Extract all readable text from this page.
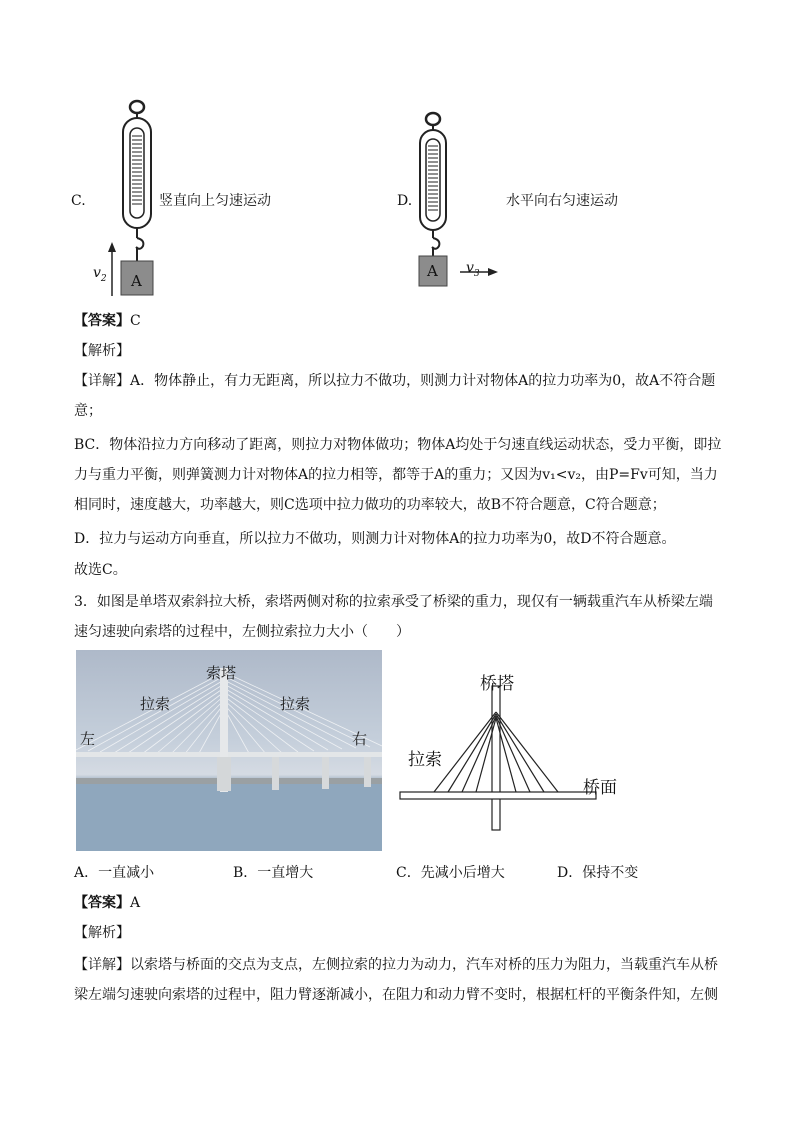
C.
A
$v_2$
竖直向上匀速运动	D.
A $v_3$
水平向右匀速运动
【答案】C
【解析】
【详解】A．物体静止，有力无距离，所以拉力不做功，则测力计对物体A的拉力功率为0，故A不符合题意；
BC．物体沿拉力方向移动了距离，则拉力对物体做功；物体A均处于匀速直线运动状态，受力平衡，即拉力与重力平衡，则弹簧测力计对物体A的拉力相等，都等于A的重力；又因为v₁<v₂，由P=Fv可知，当力相同时，速度越大，功率越大，则C选项中拉力做功的功率较大，故B不符合题意，C符合题意；
D．拉力与运动方向垂直，所以拉力不做功，则测力计对物体A的拉力功率为0，故D不符合题意。
故选C。
3．如图是单塔双索斜拉大桥，索塔两侧对称的拉索承受了桥梁的重力，现仅有一辆载重汽车从桥梁左端速匀速驶向索塔的过程中，左侧拉索拉力大小（　　）
索塔
拉索	拉索
左	右
桥塔
拉索
桥面
A．一直减小	B．一直增大	C．先减小后增大	D．保持不变
【答案】A
【解析】
【详解】以索塔与桥面的交点为支点，左侧拉索的拉力为动力，汽车对桥的压力为阻力，当载重汽车从桥梁左端匀速驶向索塔的过程中，阻力臂逐渐减小，在阻力和动力臂不变时，根据杠杆的平衡条件知，左侧
